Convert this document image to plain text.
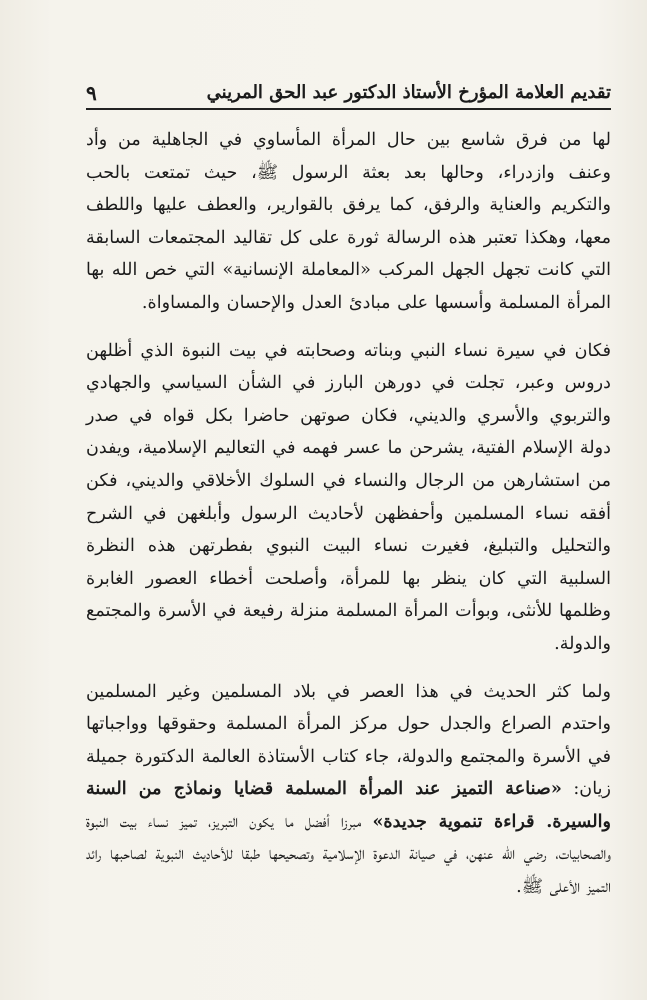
تقديم العلامة المؤرخ الأستاذ الدكتور عبد الحق المريني
٩

لها من فرق شاسع بين حال المرأة المأساوي في الجاهلية من وأد وعنف وازدراء، وحالها بعد بعثة الرسول ﷺ، حيث تمتعت بالحب والتكريم والعناية والرفق، كما يرفق بالقوارير، والعطف عليها واللطف معها، وهكذا تعتبر هذه الرسالة ثورة على كل تقاليد المجتمعات السابقة التي كانت تجهل الجهل المركب «المعاملة الإنسانية» التي خص الله بها المرأة المسلمة وأسسها على مبادئ العدل والإحسان والمساواة.

فكان في سيرة نساء النبي وبناته وصحابته في بيت النبوة الذي أظلهن دروس وعبر، تجلت في دورهن البارز في الشأن السياسي والجهادي والتربوي والأسري والديني، فكان صوتهن حاضرا بكل قواه في صدر دولة الإسلام الفتية، يشرحن ما عسر فهمه في التعاليم الإسلامية، ويفدن من استشارهن من الرجال والنساء في السلوك الأخلاقي والديني، فكن أفقه نساء المسلمين وأحفظهن لأحاديث الرسول وأبلغهن في الشرح والتحليل والتبليغ، فغيرت نساء البيت النبوي بفطرتهن هذه النظرة السلبية التي كان ينظر بها للمرأة، وأصلحت أخطاء العصور الغابرة وظلمها للأنثى، وبوأت المرأة المسلمة منزلة رفيعة في الأسرة والمجتمع والدولة.

ولما كثر الحديث في هذا العصر في بلاد المسلمين وغير المسلمين واحتدم الصراع والجدل حول مركز المرأة المسلمة وحقوقها وواجباتها في الأسرة والمجتمع والدولة، جاء كتاب الأستاذة العالمة الدكتورة جميلة زيان: «صناعة التميز عند المرأة المسلمة قضايا ونماذج من السنة والسيرة. قراءة تنموية جديدة» مبرزا أفضل ما يكون التبريز، تميز نساء بيت النبوة والصحابيات، رضي الله عنهن، في صيانة الدعوة الإسلامية وتصحيحها طبقا للأحاديث النبوية لصاحبها رائد التميز الأعلى ﷺ.
